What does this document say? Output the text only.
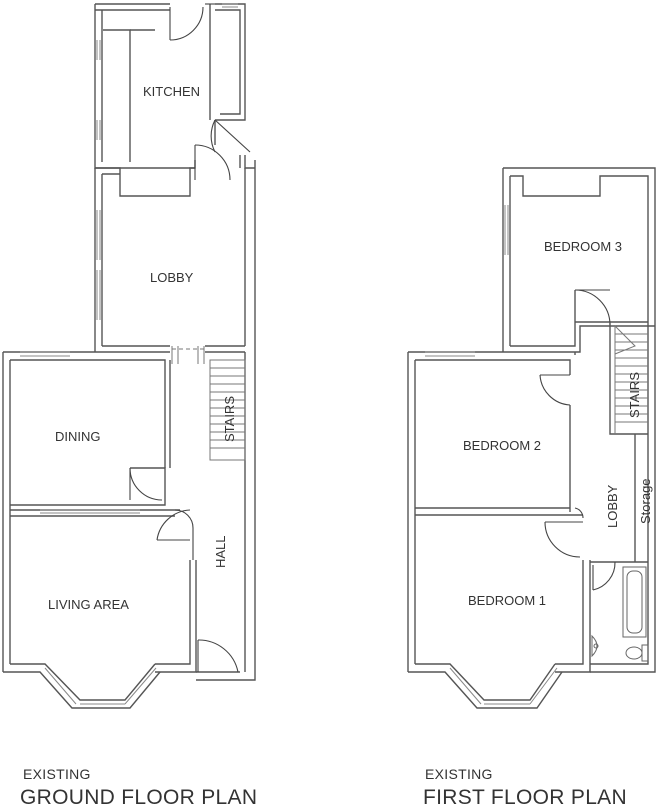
KITCHEN
LOBBY
DINING	STAIRS
HALL
LIVING AREA
BEDROOM 3
BEDROOM 2
STAIRS
LOBBY Storage
BEDROOM 1
EXISTING
GROUND FLOOR PLAN
EXISTING
FIRST FLOOR PLAN
